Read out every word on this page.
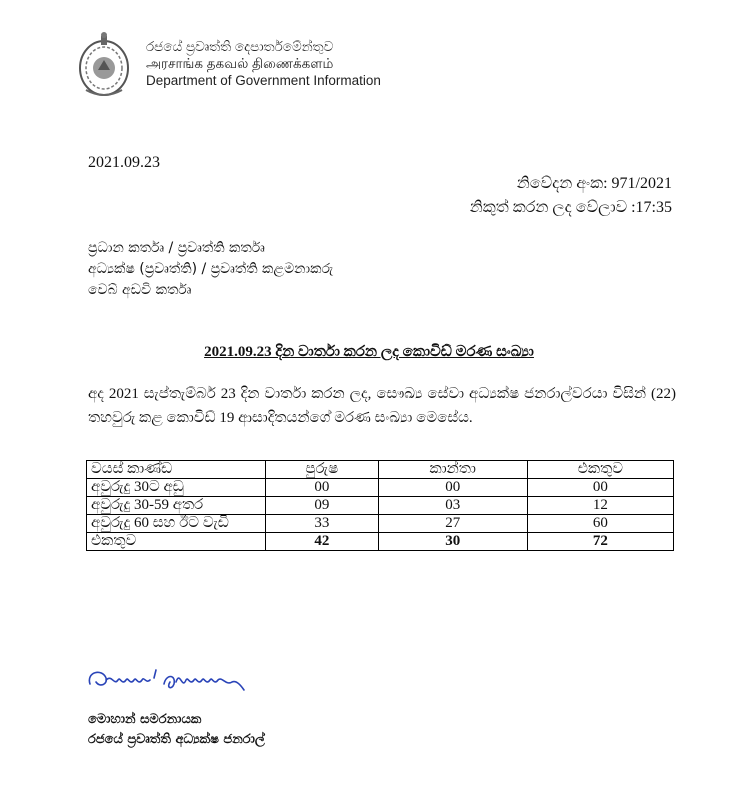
රජයේ ප්‍රවෘත්ති දෙපාර්තමේන්තුව
அரசாங்க தகவல் திணைக்களம்
Department of Government Information
2021.09.23
නිවේදන අංක: 971/2021
නිකුත් කරන ලද වේලාව :17:35
ප්‍රධාන කර්තෘ / ප්‍රවෘත්ති කර්තෘ
අධ්‍යක්ෂ (ප්‍රවෘත්ති) / ප්‍රවෘත්ති කළමනාකරු
වෙබ් අඩවි කර්තෘ
2021.09.23 දින වාර්තා කරන ලද කොවිඩ් මරණ සංඛ්‍යා
අද 2021 සැප්තැම්බර් 23 දින වාර්තා කරන ලද, සෞඛ්‍ය සේවා අධ්‍යක්ෂ ජනරාල්වරයා විසින් (22) තහවුරු කළ කොවිඩ් 19 ආසාදිතයන්ගේ මරණ සංඛ්‍යා මෙසේය.
වයස් කාණ්ඩ	පුරුෂ	කාන්තා	එකතුව
අවුරුදු 30ට අඩු	00	00	00
අවුරුදු 30-59 අතර	09	03	12
අවුරුදු 60 සහ ඊට වැඩි	33	27	60
එකතුව	42	30	72
මොහාන් සමරනායක
රජයේ ප්‍රවෘත්ති අධ්‍යක්ෂ ජනරාල්
